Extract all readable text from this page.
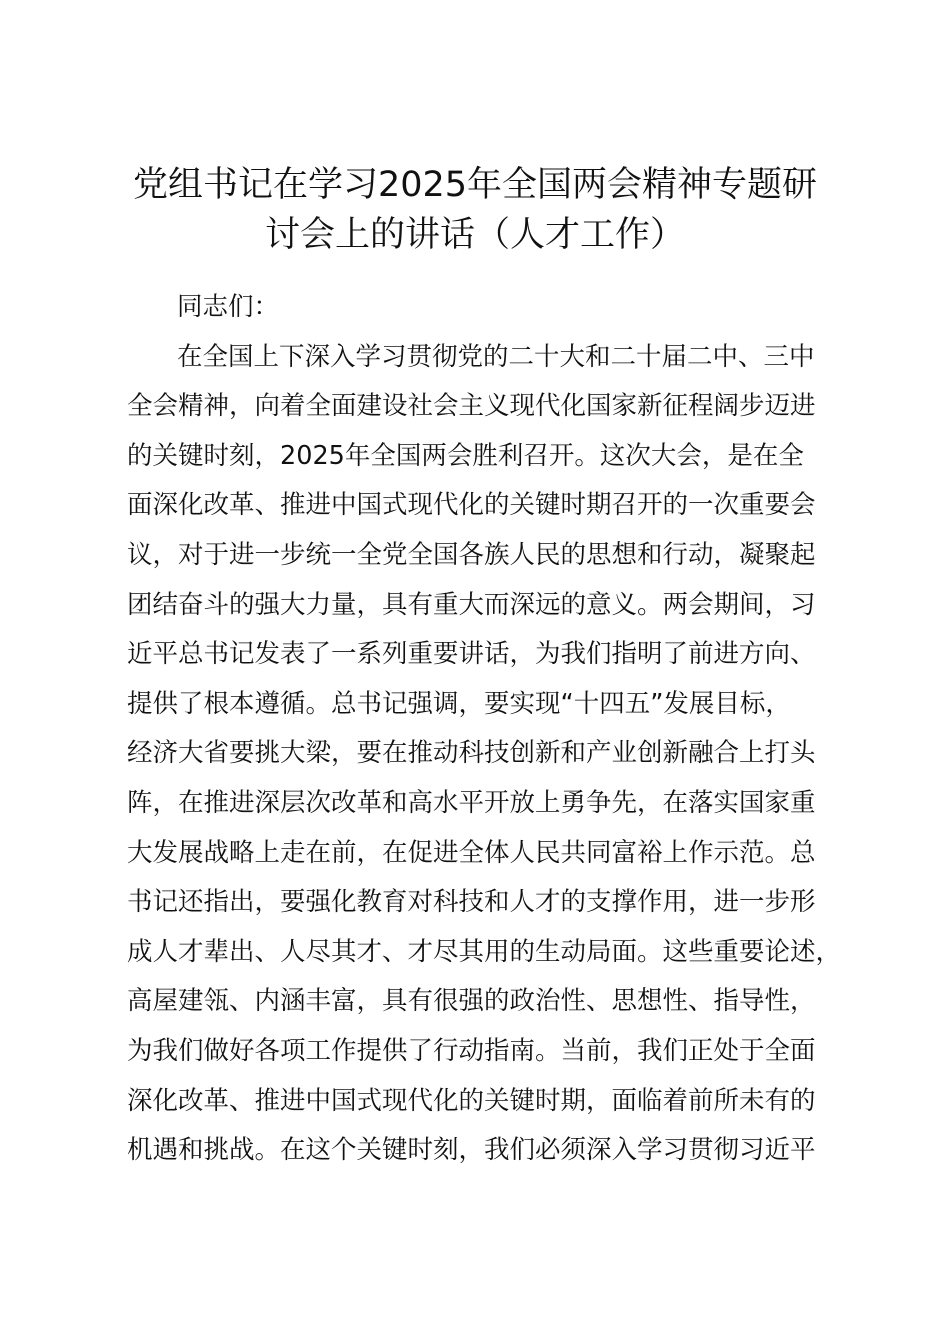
党组书记在学习2025年全国两会精神专题研
讨会上的讲话（人才工作）

同志们：

在全国上下深入学习贯彻党的二十大和二十届二中、三中
全会精神，向着全面建设社会主义现代化国家新征程阔步迈进
的关键时刻，2025年全国两会胜利召开。这次大会，是在全
面深化改革、推进中国式现代化的关键时期召开的一次重要会
议，对于进一步统一全党全国各族人民的思想和行动，凝聚起
团结奋斗的强大力量，具有重大而深远的意义。两会期间，习
近平总书记发表了一系列重要讲话，为我们指明了前进方向、
提供了根本遵循。总书记强调，要实现“十四五”发展目标，
经济大省要挑大梁，要在推动科技创新和产业创新融合上打头
阵，在推进深层次改革和高水平开放上勇争先，在落实国家重
大发展战略上走在前，在促进全体人民共同富裕上作示范。总
书记还指出，要强化教育对科技和人才的支撑作用，进一步形
成人才辈出、人尽其才、才尽其用的生动局面。这些重要论述，
高屋建瓴、内涵丰富，具有很强的政治性、思想性、指导性，
为我们做好各项工作提供了行动指南。当前，我们正处于全面
深化改革、推进中国式现代化的关键时期，面临着前所未有的
机遇和挑战。在这个关键时刻，我们必须深入学习贯彻习近平
